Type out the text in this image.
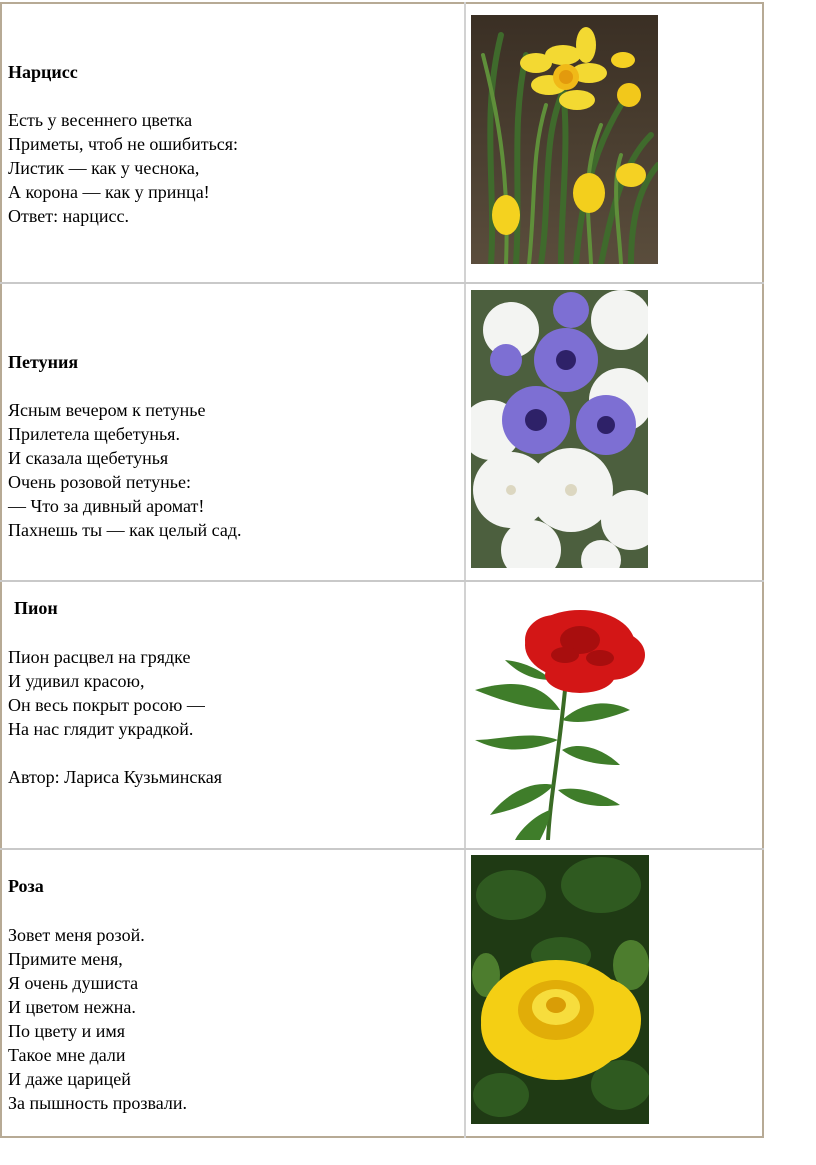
Нарцисс
Есть у весеннего цветка
Приметы, чтоб не ошибиться:
Листик — как у чеснока,
А корона — как у принца!
Ответ: нарцисс.
Петуния
Ясным вечером к петунье
Прилетела щебетунья.
И сказала щебетунья
Очень розовой петунье:
— Что за дивный аромат!
Пахнешь ты — как целый сад.
Пион
Пион расцвел на грядке
И удивил красою,
Он весь покрыт росою —
На нас глядит украдкой.
Автор: Лариса Кузьминская
Роза
Зовет меня розой.
Примите меня,
Я очень душиста
И цветом нежна.
По цвету и имя
Такое мне дали
И даже царицей
За пышность прозвали.
